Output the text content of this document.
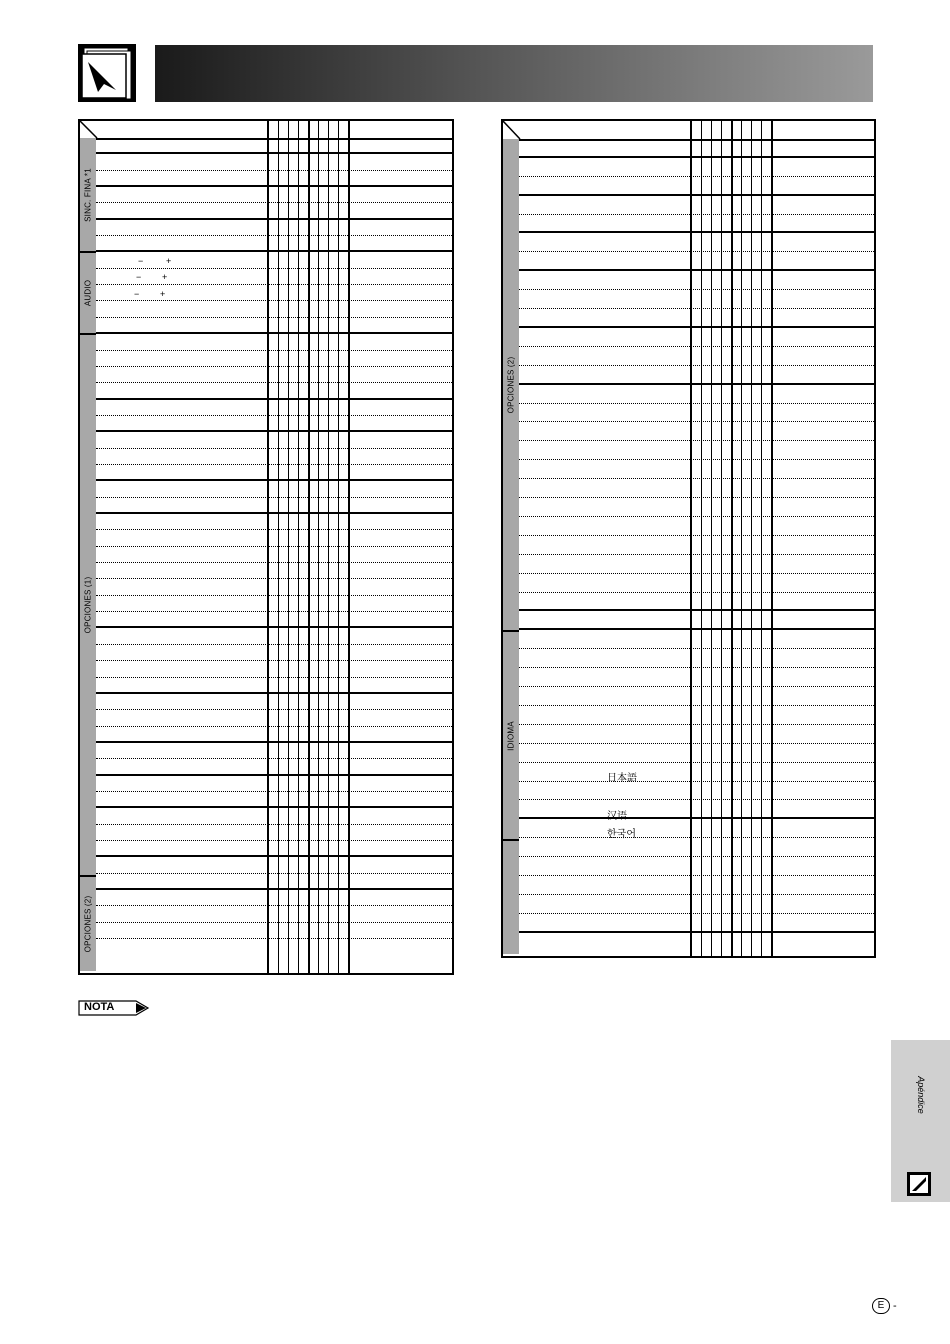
SINC. FINA *1
AUDIO
OPCIONES (1)
OPCIONES (2)
−	+
− +
− +
OPCIONES (2)
IDIOMA
日本語
汉语
한국어
NOTA
Apéndice
E -
